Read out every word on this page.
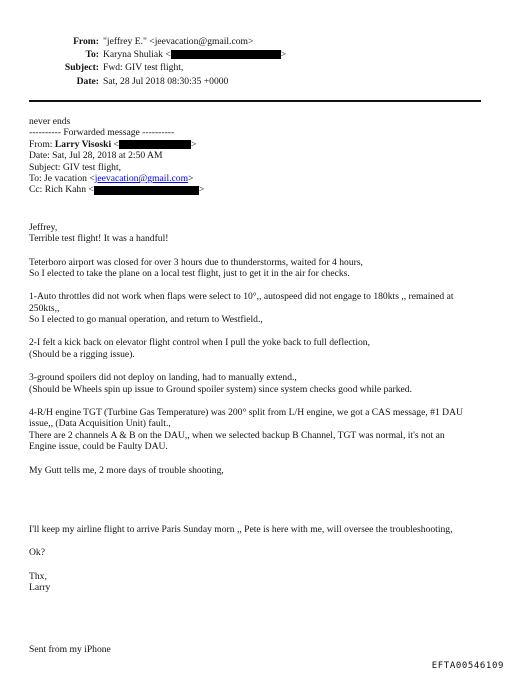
From: "jeffrey E." <jeevacation@gmail.com>
To: Karyna Shuliak <	>
Subject: Fwd: GIV test flight,
Date: Sat, 28 Jul 2018 08:30:35 +0000
never ends
---------- Forwarded message ----------
From: Larry Visoski <	>
Date: Sat, Jul 28, 2018 at 2:50 AM
Subject: GIV test flight,
To: Je vacation <jeevacation@gmail.com>
Cc: Rich Kahn <	>
Jeffrey,
Terrible test flight! It was a handful!
Teterboro airport was closed for over 3 hours due to thunderstorms, waited for 4 hours,
So I elected to take the plane on a local test flight, just to get it in the air for checks.
1-Auto throttles did not work when flaps were select to 10°,, autospeed did not engage to 180kts ,, remained at
250kts,,
So I elected to go manual operation, and return to Westfield.,
2-I felt a kick back on elevator flight control when I pull the yoke back to full deflection,
(Should be a rigging issue).
3-ground spoilers did not deploy on landing, had to manually extend.,
(Should be Wheels spin up issue to Ground spoiler system) since system checks good while parked.
4-R/H engine TGT (Turbine Gas Temperature) was 200° split from L/H engine, we got a CAS message, #1 DAU
issue,, (Data Acquisition Unit) fault.,
There are 2 channels A & B on the DAU,, when we selected backup B Channel, TGT was normal, it's not an
Engine issue, could be Faulty DAU.
My Gutt tells me, 2 more days of trouble shooting,
I'll keep my airline flight to arrive Paris Sunday morn ,, Pete is here with me, will oversee the troubleshooting,
Ok?
Thx,
Larry
Sent from my iPhone
EFTA00546109
